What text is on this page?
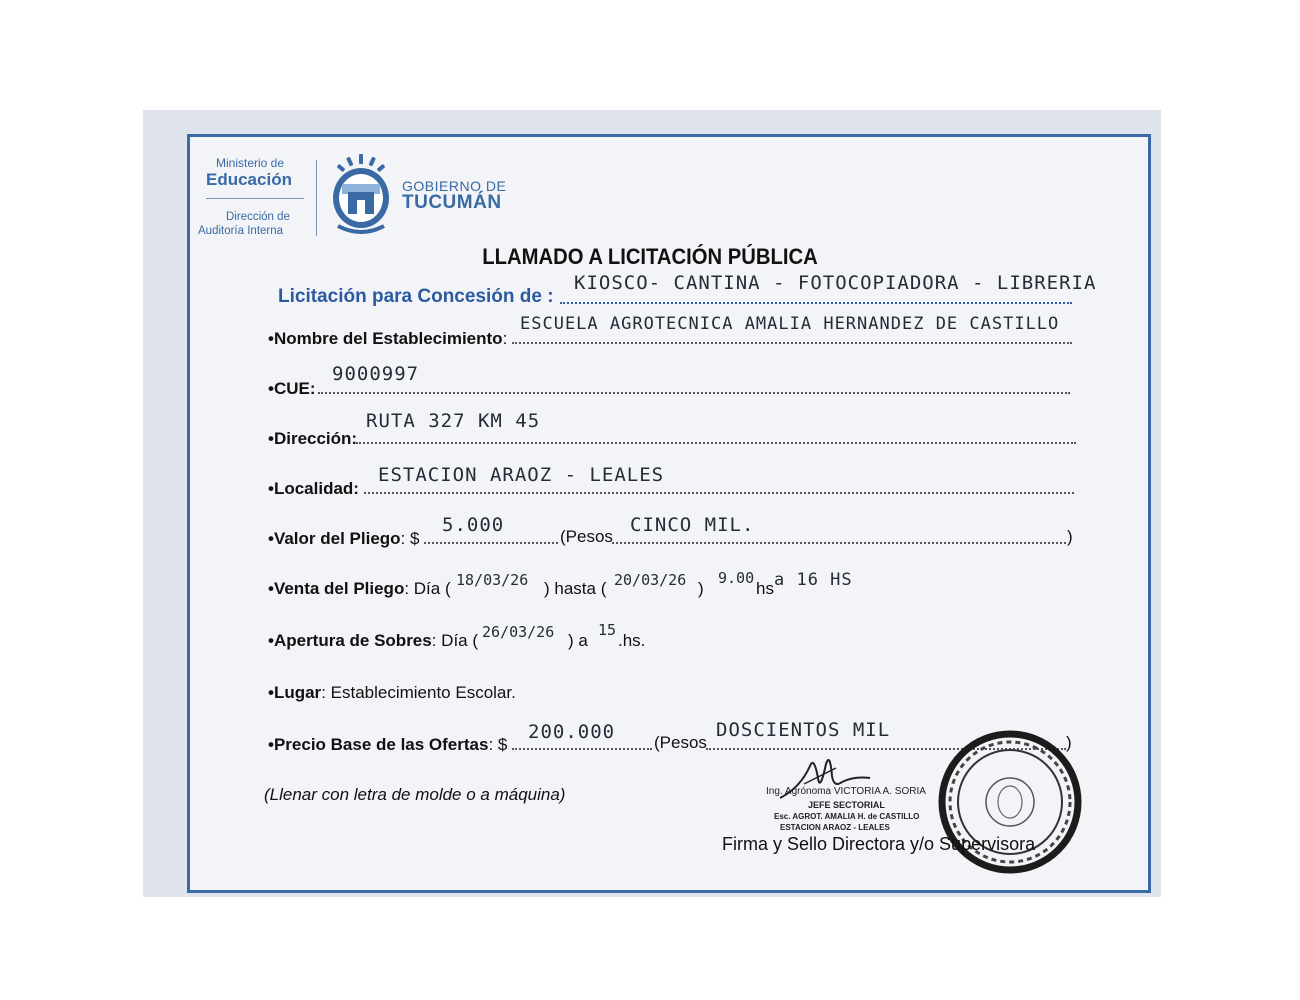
Ministerio de
Educación
Dirección de
Auditoría Interna
GOBIERNO DE
TUCUMÁN
LLAMADO A LICITACIÓN PÚBLICA
Licitación para Concesión de :
KIOSCO- CANTINA - FOTOCOPIADORA - LIBRERIA
•Nombre del Establecimiento:
ESCUELA AGROTECNICA AMALIA HERNANDEZ DE CASTILLO
•CUE:
9000997
•Dirección:
RUTA 327 KM 45
•Localidad:
ESTACION ARAOZ - LEALES
•Valor del Pliego: $
5.000
(Pesos
CINCO MIL.
)
•Venta del Pliego: Día ( 18/03/26 ) hasta ( 20/03/26 )
9.00
hs a 16 HS
•Apertura de Sobres: Día ( 26/03/26 ) a
15
.hs.
•Lugar: Establecimiento Escolar.
•Precio Base de las Ofertas: $
200.000 (Pesos
DOSCIENTOS MIL
)
(Llenar con letra de molde o a máquina)	Ing. Agrónoma VICTORIA A. SORIA
JEFE SECTORIAL
Esc. AGROT. AMALIA H. de CASTILLO
ESTACION ARAOZ - LEALES
Firma y Sello Directora y/o Supervisora
